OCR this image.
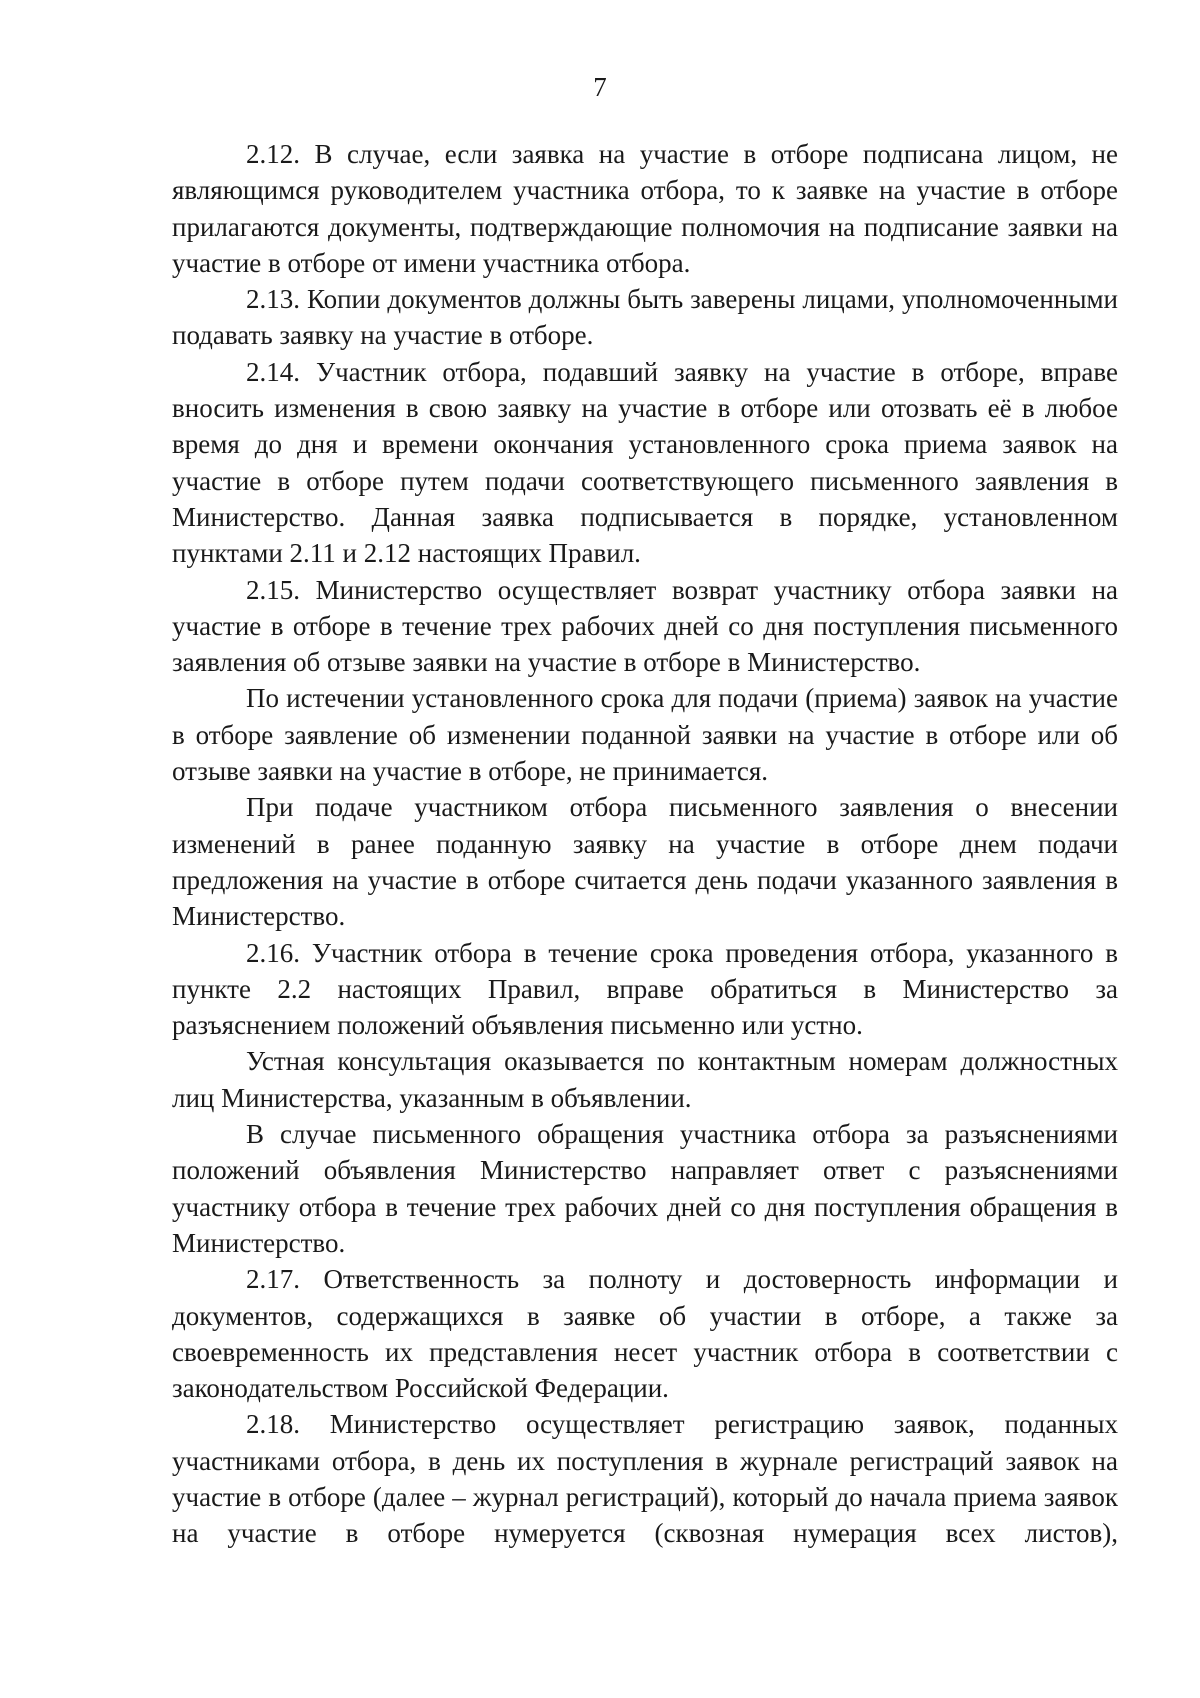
7

2.12. В случае, если заявка на участие в отборе подписана лицом, не являющимся руководителем участника отбора, то к заявке на участие в отборе прилагаются документы, подтверждающие полномочия на подписание заявки на участие в отборе от имени участника отбора.

2.13. Копии документов должны быть заверены лицами, уполномоченными подавать заявку на участие в отборе.

2.14. Участник отбора, подавший заявку на участие в отборе, вправе вносить изменения в свою заявку на участие в отборе или отозвать её в любое время до дня и времени окончания установленного срока приема заявок на участие в отборе путем подачи соответствующего письменного заявления в Министерство. Данная заявка подписывается в порядке, установленном пунктами 2.11 и 2.12 настоящих Правил.

2.15. Министерство осуществляет возврат участнику отбора заявки на участие в отборе в течение трех рабочих дней со дня поступления письменного заявления об отзыве заявки на участие в отборе в Министерство.

По истечении установленного срока для подачи (приема) заявок на участие в отборе заявление об изменении поданной заявки на участие в отборе или об отзыве заявки на участие в отборе, не принимается.

При подаче участником отбора письменного заявления о внесении изменений в ранее поданную заявку на участие в отборе днем подачи предложения на участие в отборе считается день подачи указанного заявления в Министерство.

2.16. Участник отбора в течение срока проведения отбора, указанного в пункте 2.2 настоящих Правил, вправе обратиться в Министерство за разъяснением положений объявления письменно или устно.

Устная консультация оказывается по контактным номерам должностных лиц Министерства, указанным в объявлении.

В случае письменного обращения участника отбора за разъяснениями положений объявления Министерство направляет ответ с разъяснениями участнику отбора в течение трех рабочих дней со дня поступления обращения в Министерство.

2.17. Ответственность за полноту и достоверность информации и документов, содержащихся в заявке об участии в отборе, а также за своевременность их представления несет участник отбора в соответствии с законодательством Российской Федерации.

2.18. Министерство осуществляет регистрацию заявок, поданных участниками отбора, в день их поступления в журнале регистраций заявок на участие в отборе (далее – журнал регистраций), который до начала приема заявок на участие в отборе нумеруется (сквозная нумерация всех листов),
